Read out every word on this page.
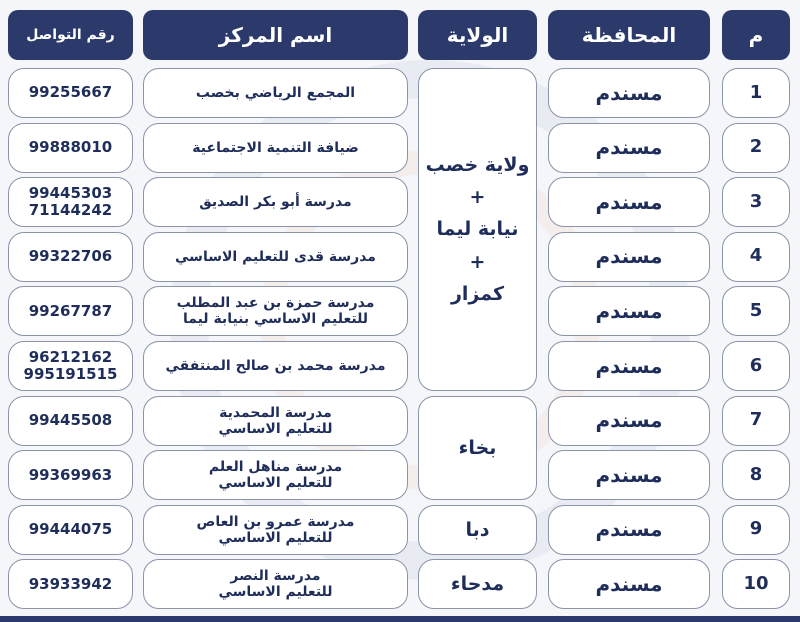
م
المحافظة
الولاية
اسم المركز
رقم التواصل
1
مسندم
المجمع الرياضي بخصب
99255667
2
مسندم
ضيافة التنمية الاجتماعية
99888010
3
مسندم
مدرسة أبو بكر الصديق
99445303
71144242
4
مسندم
مدرسة قدى للتعليم الاساسي
99322706
5
مسندم
مدرسة حمزة بن عبد المطلب
للتعليم الاساسي بنيابة ليما
99267787
6
مسندم
مدرسة محمد بن صالح المنتفقي
96212162
995191515
7
مسندم
مدرسة المحمدية
للتعليم الاساسي
99445508
8
مسندم
مدرسة مناهل العلم
للتعليم الاساسي
99369963
9
مسندم
مدرسة عمرو بن العاص
للتعليم الاساسي
99444075
10
مسندم
مدرسة النصر
للتعليم الاساسي
93933942
ولاية خصب
+
نيابة ليما
+
كمزار
بخاء
دبا
مدحاء
